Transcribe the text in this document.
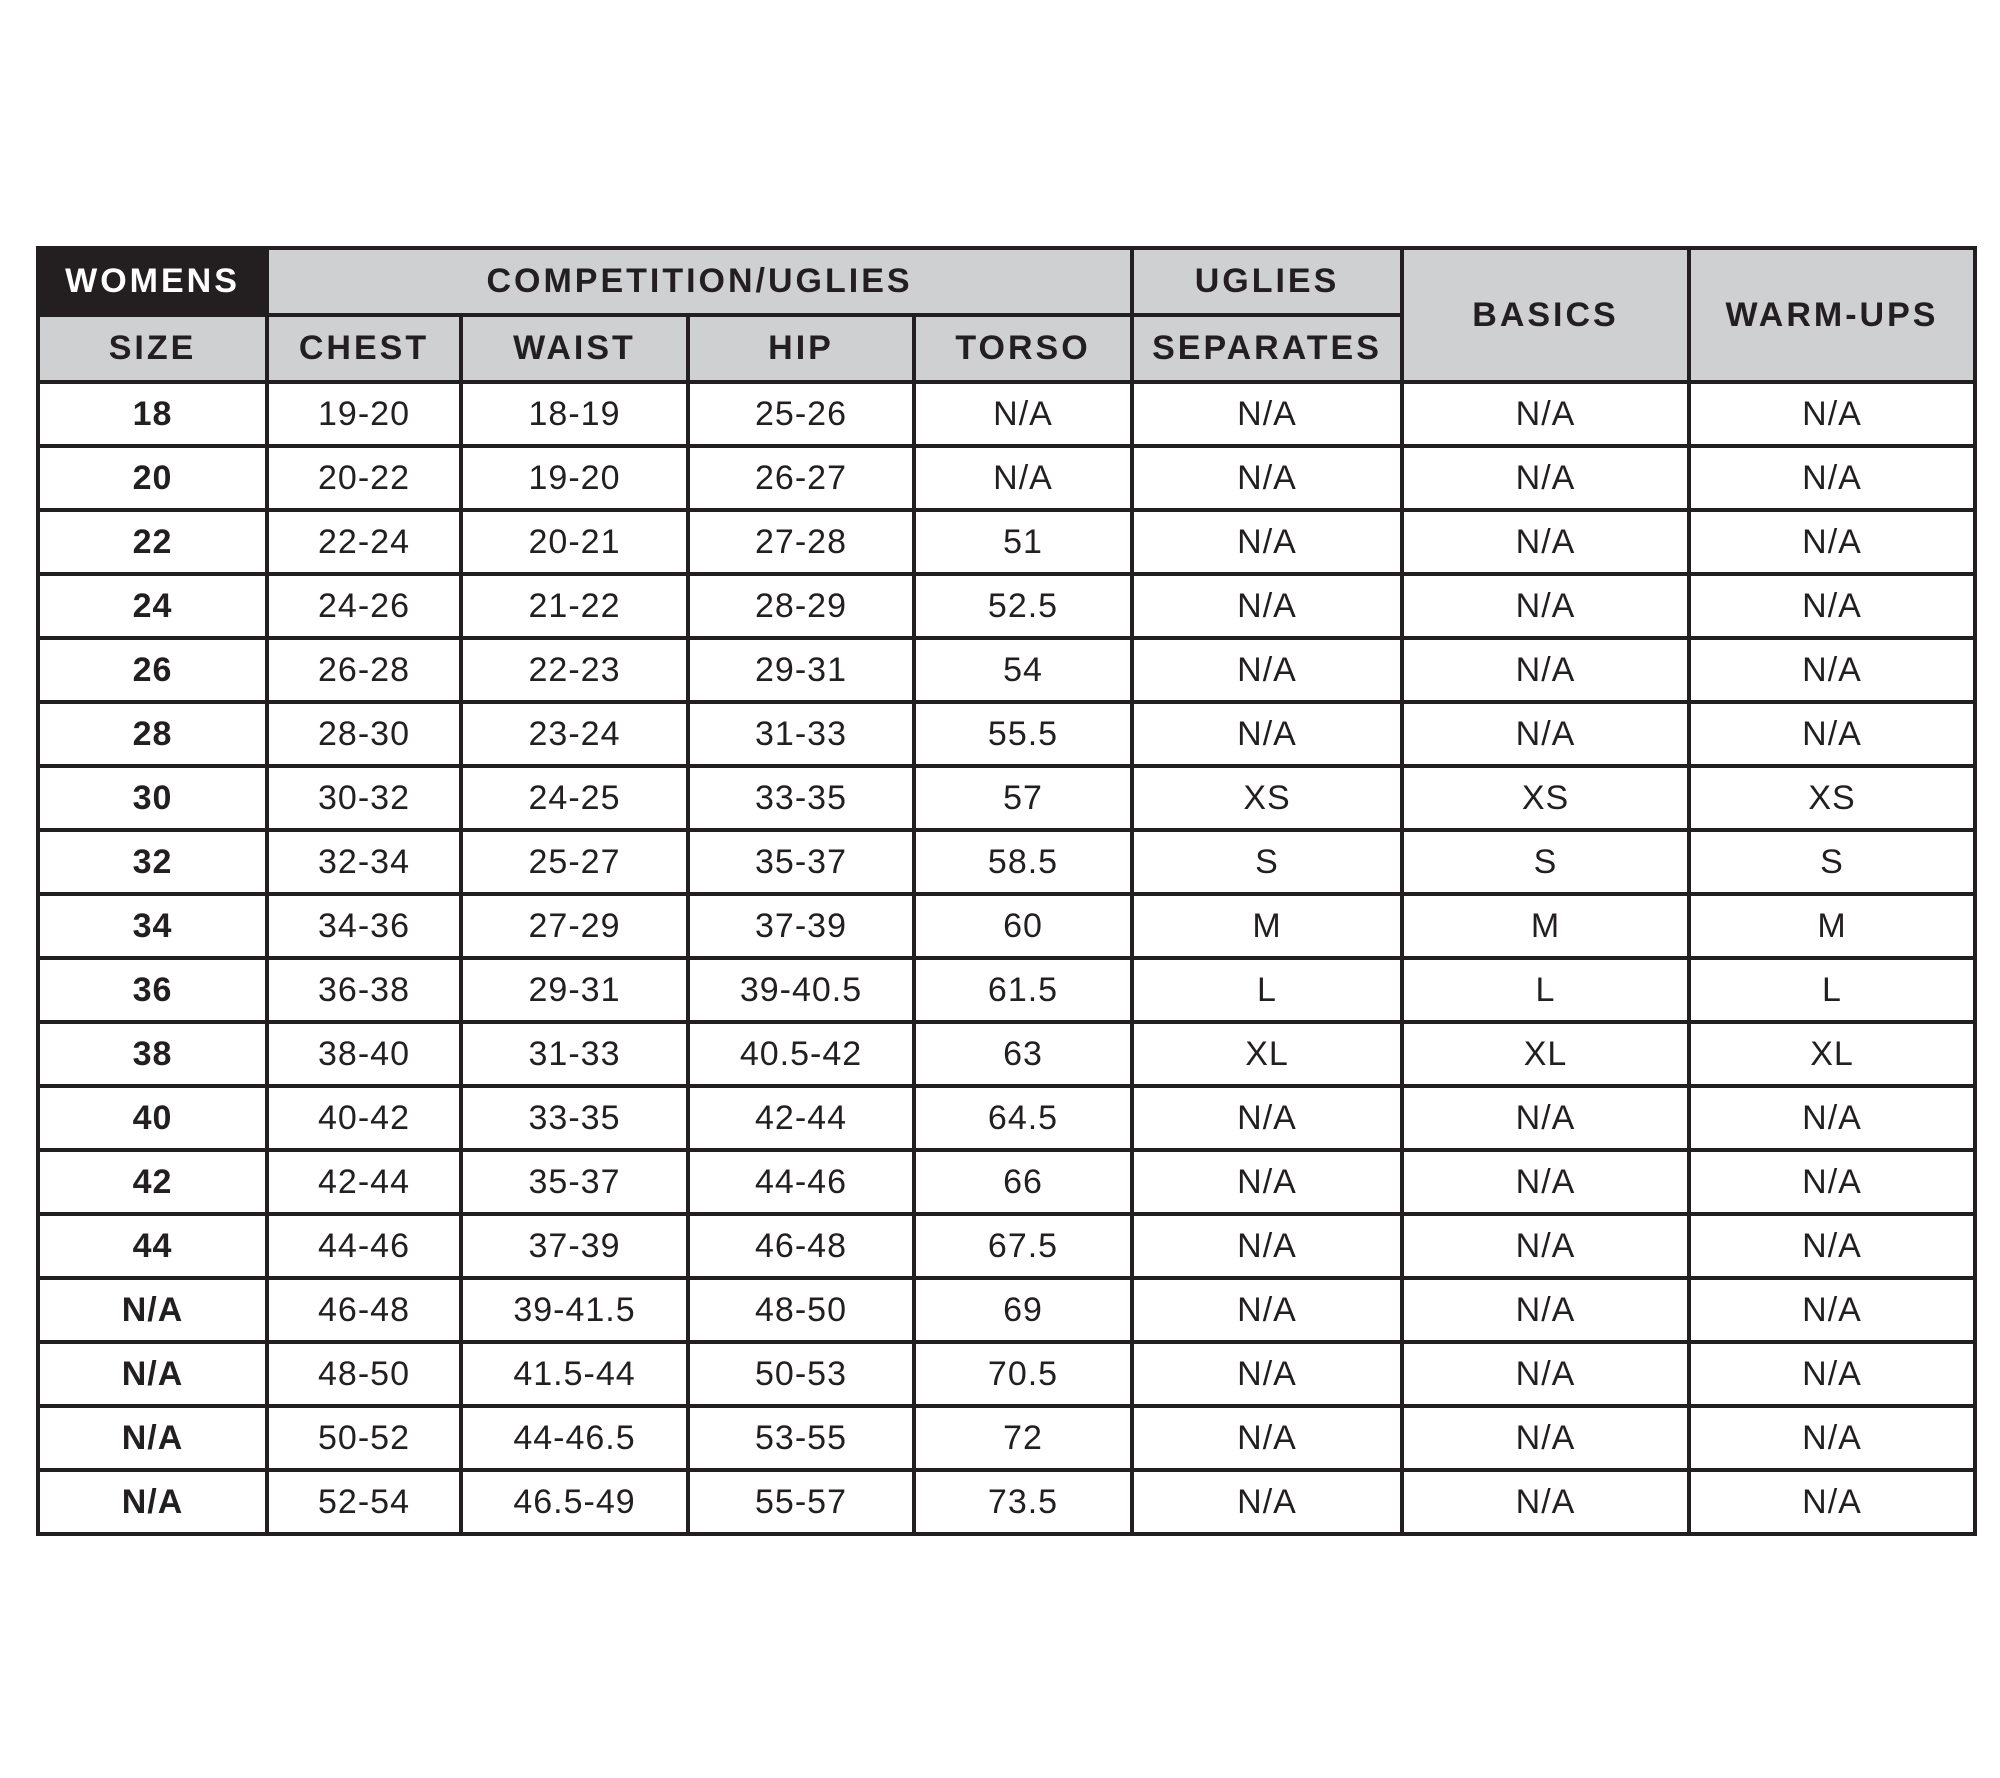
WOMENS	COMPETITION/UGLIES				UGLIES	BASICS	WARM-UPS
SIZE	CHEST	WAIST	HIP	TORSO	SEPARATES		
18	19-20	18-19	25-26	N/A	N/A	N/A	N/A
20	20-22	19-20	26-27	N/A	N/A	N/A	N/A
22	22-24	20-21	27-28	51	N/A	N/A	N/A
24	24-26	21-22	28-29	52.5	N/A	N/A	N/A
26	26-28	22-23	29-31	54	N/A	N/A	N/A
28	28-30	23-24	31-33	55.5	N/A	N/A	N/A
30	30-32	24-25	33-35	57	XS	XS	XS
32	32-34	25-27	35-37	58.5	S	S	S
34	34-36	27-29	37-39	60	M	M	M
36	36-38	29-31	39-40.5	61.5	L	L	L
38	38-40	31-33	40.5-42	63	XL	XL	XL
40	40-42	33-35	42-44	64.5	N/A	N/A	N/A
42	42-44	35-37	44-46	66	N/A	N/A	N/A
44	44-46	37-39	46-48	67.5	N/A	N/A	N/A
N/A	46-48	39-41.5	48-50	69	N/A	N/A	N/A
N/A	48-50	41.5-44	50-53	70.5	N/A	N/A	N/A
N/A	50-52	44-46.5	53-55	72	N/A	N/A	N/A
N/A	52-54	46.5-49	55-57	73.5	N/A	N/A	N/A
